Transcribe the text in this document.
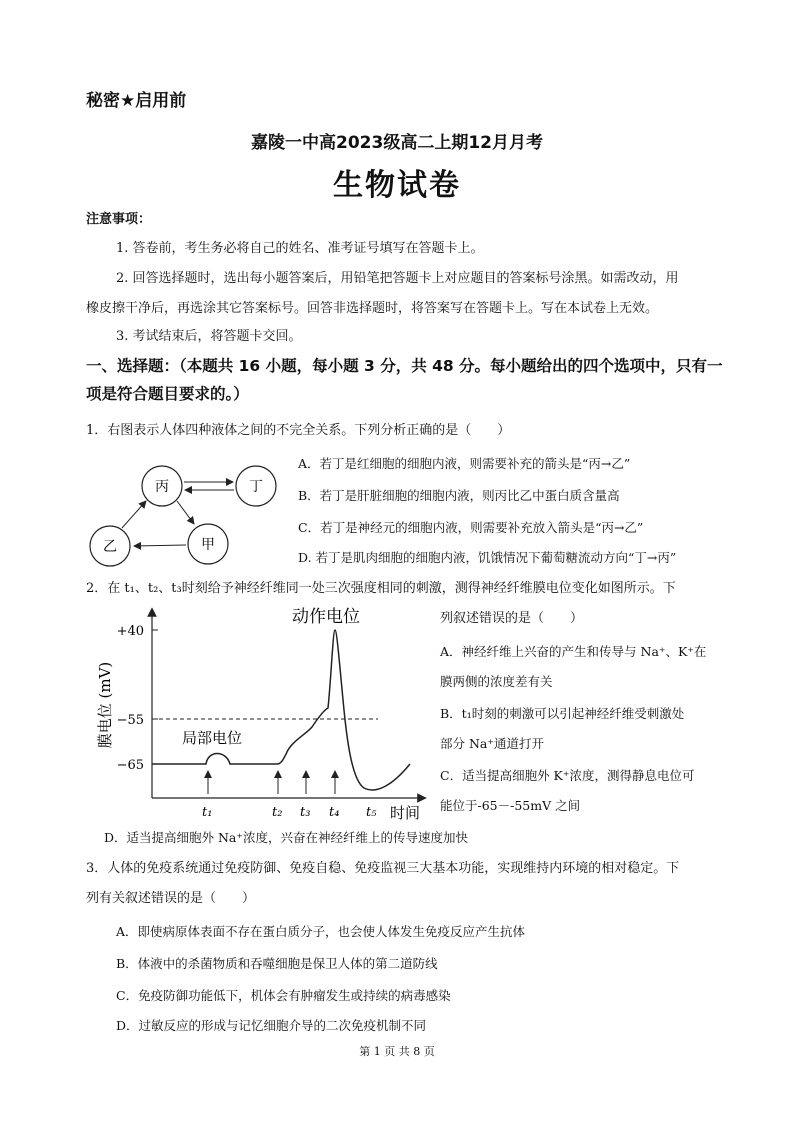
秘密★启用前
嘉陵一中高2023级高二上期12月月考
生物试卷
注意事项：
1. 答卷前，考生务必将自己的姓名、准考证号填写在答题卡上。
2. 回答选择题时，选出每小题答案后，用铅笔把答题卡上对应题目的答案标号涂黑。如需改动，用
橡皮擦干净后，再选涂其它答案标号。回答非选择题时，将答案写在答题卡上。写在本试卷上无效。
3. 考试结束后，将答题卡交回。
一、选择题：（本题共 16 小题，每小题 3 分，共 48 分。每小题给出的四个选项中，只有一
项是符合题目要求的。）
1．右图表示人体四种液体之间的不完全关系。下列分析正确的是（　　）
丙	丁
乙	甲
A．若丁是红细胞的细胞内液，则需要补充的箭头是“丙→乙”
B．若丁是肝脏细胞的细胞内液，则丙比乙中蛋白质含量高
C．若丁是神经元的细胞内液，则需要补充放入箭头是“丙→乙”
D. 若丁是肌肉细胞的细胞内液，饥饿情况下葡萄糖流动方向“丁→丙”
2．在 t₁、t₂、t₃时刻给予神经纤维同一处三次强度相同的刺激，测得神经纤维膜电位变化如图所示。下
列叙述错误的是（　　）
动作电位
+40
−55
−65
膜电位 (mV)	局部电位
t₁	t₂ t₃ t₄ t₅ 时间
A．神经纤维上兴奋的产生和传导与 Na⁺、K⁺在
膜两侧的浓度差有关
B．t₁时刻的刺激可以引起神经纤维受刺激处
部分 Na⁺通道打开
C．适当提高细胞外 K⁺浓度，测得静息电位可
能位于-65－-55mV 之间
D．适当提高细胞外 Na⁺浓度，兴奋在神经纤维上的传导速度加快
3．人体的免疫系统通过免疫防御、免疫自稳、免疫监视三大基本功能，实现维持内环境的相对稳定。下
列有关叙述错误的是（　　）
A．即使病原体表面不存在蛋白质分子，也会使人体发生免疫反应产生抗体
B．体液中的杀菌物质和吞噬细胞是保卫人体的第二道防线
C．免疫防御功能低下，机体会有肿瘤发生或持续的病毒感染
D．过敏反应的形成与记忆细胞介导的二次免疫机制不同
第 1 页 共 8 页
